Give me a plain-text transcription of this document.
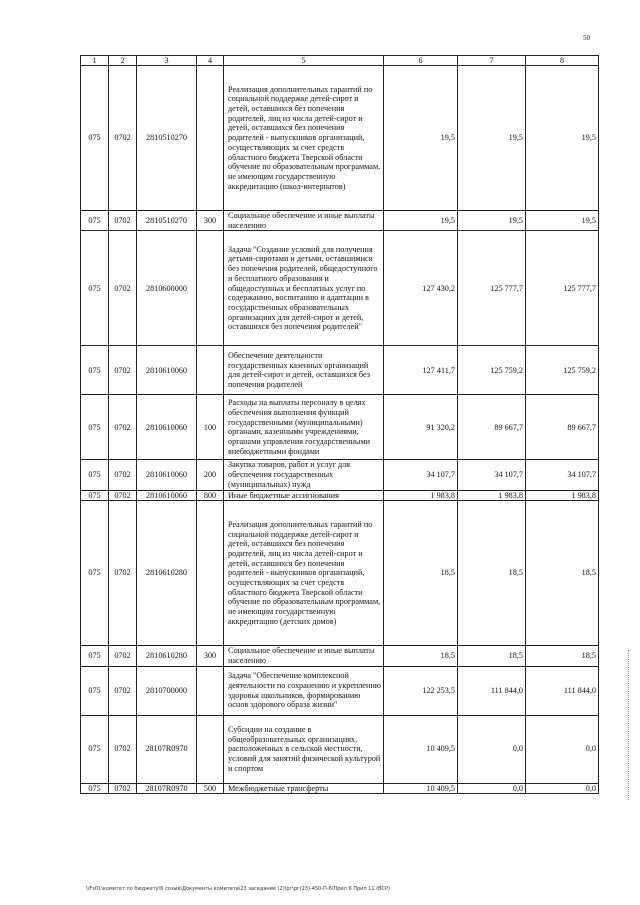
50
1	2	3	4	5	6	7	8
075	0702	2810510270		Реализация дополнительных гарантий по социальной поддержке детей-сирот и детей, оставшихся без попечения родителей, лиц из числа детей-сирот и детей, оставшихся без попечения родителей - выпускников организаций, осуществляющих за счет средств областного бюджета Тверской области обучение по образовательным программам, не имеющим государственную аккредитацию (школ-интернатов)	19,5	19,5	19,5
075	0702	2810510270	300	Социальное обеспечение и иные выплаты населению	19,5	19,5	19,5
075	0702	2810600000		Задача "Создание условий для получения детьми-сиротами и детьми, оставшимися без попечения родителей, общедоступного и бесплатного образования и общедоступных и бесплатных услуг по содержанию, воспитанию и адаптации в государственных образовательных организациях для детей-сирот и детей, оставшихся без попечения родителей"	127 430,2	125 777,7	125 777,7
075	0702	2810610060		Обеспечение деятельности государственных казенных организаций для детей-сирот и детей, оставшихся без попечения родителей	127 411,7	125 759,2	125 759,2
075	0702	2810610060	100	Расходы на выплаты персоналу в целях обеспечения выполнения функций государственными (муниципальными) органами, казенными учреждениями, органами управления государственными внебюджетными фондами	91 320,2	89 667,7	89 667,7
075	0702	2810610060	200	Закупка товаров, работ и услуг для обеспечения государственных (муниципальных) нужд	34 107,7	34 107,7	34 107,7
075	0702	2810610060	800	Иные бюджетные ассигнования	1 983,8	1 983,8	1 983,8
075	0702	2810610280		Реализация дополнительных гарантий по социальной поддержке детей-сирот и детей, оставшихся без попечения родителей, лиц из числа детей-сирот и детей, оставшихся без попечения родителей - выпускников организаций, осуществляющих за счет средств областного бюджета Тверской области обучение по образовательным программам, не имеющим государственную аккредитацию (детских домов)	18,5	18,5	18,5
075	0702	2810610280	300	Социальное обеспечение и иные выплаты населению	18,5	18,5	18,5
075	0702	2810700000		Задача "Обеспечение комплексной деятельности по сохранению и укреплению здоровья школьников, формированию основ здорового образа жизни"	122 253,5	111 844,0	111 844,0
075	0702	28107R0970		Субсидии на создание в общеобразовательных организациях, расположенных в сельской местности, условий для занятий физической культурой и спортом	10 409,5	0,0	0,0
075	0702	28107R0970	500	Межбюджетные трансферты	10 409,5	0,0	0,0
\\Fs01\комитет по бюджету\6 созыв\Документы комитета\23 заседание (2)\рг\рг(23)-450-П-6\Прил 6 Прил 11 (ВСР)
